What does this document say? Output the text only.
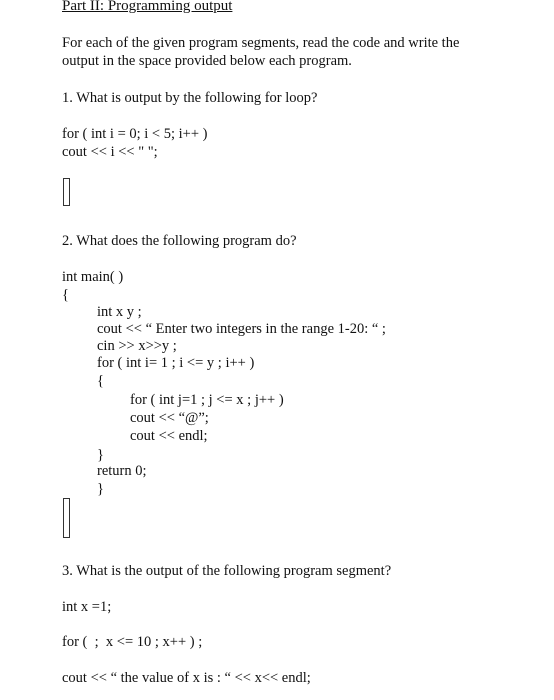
Part II: Programming output
For each of the given program segments, read the code and write the
output in the space provided below each program.
1. What is output by the following for loop?
for ( int i = 0; i < 5; i++ )
cout << i << " ";
2. What does the following program do?
int main( )
{
int x y ;
cout << “ Enter two integers in the range 1-20: “ ;
cin >> x>>y ;
for ( int i= 1 ; i <= y ; i++ )
{
for ( int j=1 ; j <= x ; j++ )
cout << “@”;
cout << endl;
}
return 0;
}
3. What is the output of the following program segment?
int x =1;
for (  ;  x <= 10 ; x++ ) ;
cout << “ the value of x is : “ << x<< endl;
